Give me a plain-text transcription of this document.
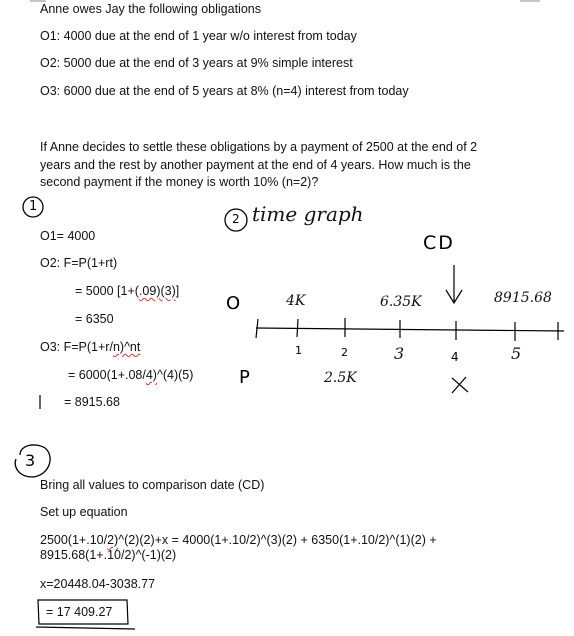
Anne owes Jay the following obligations
O1: 4000 due at the end of 1 year w/o interest from today
O2: 5000 due at the end of 3 years at 9% simple interest
O3: 6000 due at the end of 5 years at 8% (n=4) interest from today
If Anne decides to settle these obligations by a payment of 2500 at the end of 2 years and the rest by another payment at the end of 4 years. How much is the second payment if the money is worth 10% (n=2)?
1
O1= 4000
O2: F=P(1+rt)
= 5000 [1+(.09)(3)]
= 6350
O3: F=P(1+r/n)^nt
= 6000(1+.08/4)^(4)(5)
= 8915.68
2 time graph
CD
O
P
4K	6.35K	8915.68
2.5K
1	2	3	4	5
3
Bring all values to comparison date (CD)
Set up equation
2500(1+.10/2)^(2)(2)+x = 4000(1+.10/2)^(3)(2) + 6350(1+.10/2)^(1)(2) + 8915.68(1+.10/2)^(-1)(2)
x=20448.04-3038.77
= 17 409.27
